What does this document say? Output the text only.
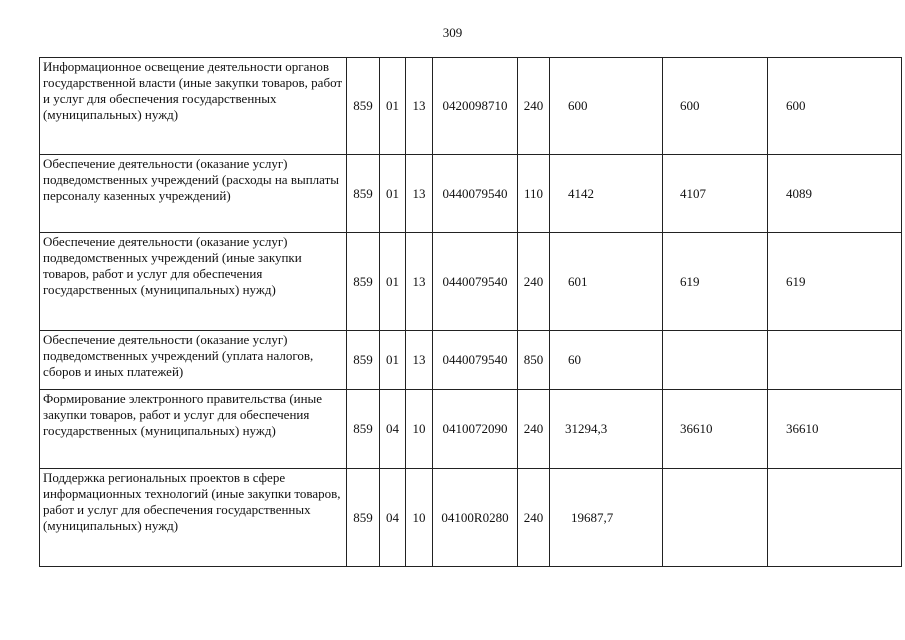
309
Информационное освещение деятельности органов государственной власти (иные закупки товаров, работ и услуг для обеспечения государственных (муниципальных) нужд)	859	01	13	0420098710	240	600	600	600
Обеспечение деятельности (оказание услуг) подведомственных учреждений (расходы на выплаты персоналу казенных учреждений)	859	01	13	0440079540	110	4142	4107	4089
Обеспечение деятельности (оказание услуг) подведомственных учреждений (иные закупки товаров, работ и услуг для обеспечения государственных (муниципальных) нужд)	859	01	13	0440079540	240	601	619	619
Обеспечение деятельности (оказание услуг) подведомственных учреждений (уплата налогов, сборов и иных платежей)	859	01	13	0440079540	850	60		
Формирование электронного правительства (иные закупки товаров, работ и услуг для обеспечения государственных (муниципальных) нужд)	859	04	10	0410072090	240	31294,3	36610	36610
Поддержка региональных проектов в сфере информационных технологий (иные закупки товаров, работ и услуг для обеспечения государственных (муниципальных) нужд)	859	04	10	04100R0280	240	19687,7		
